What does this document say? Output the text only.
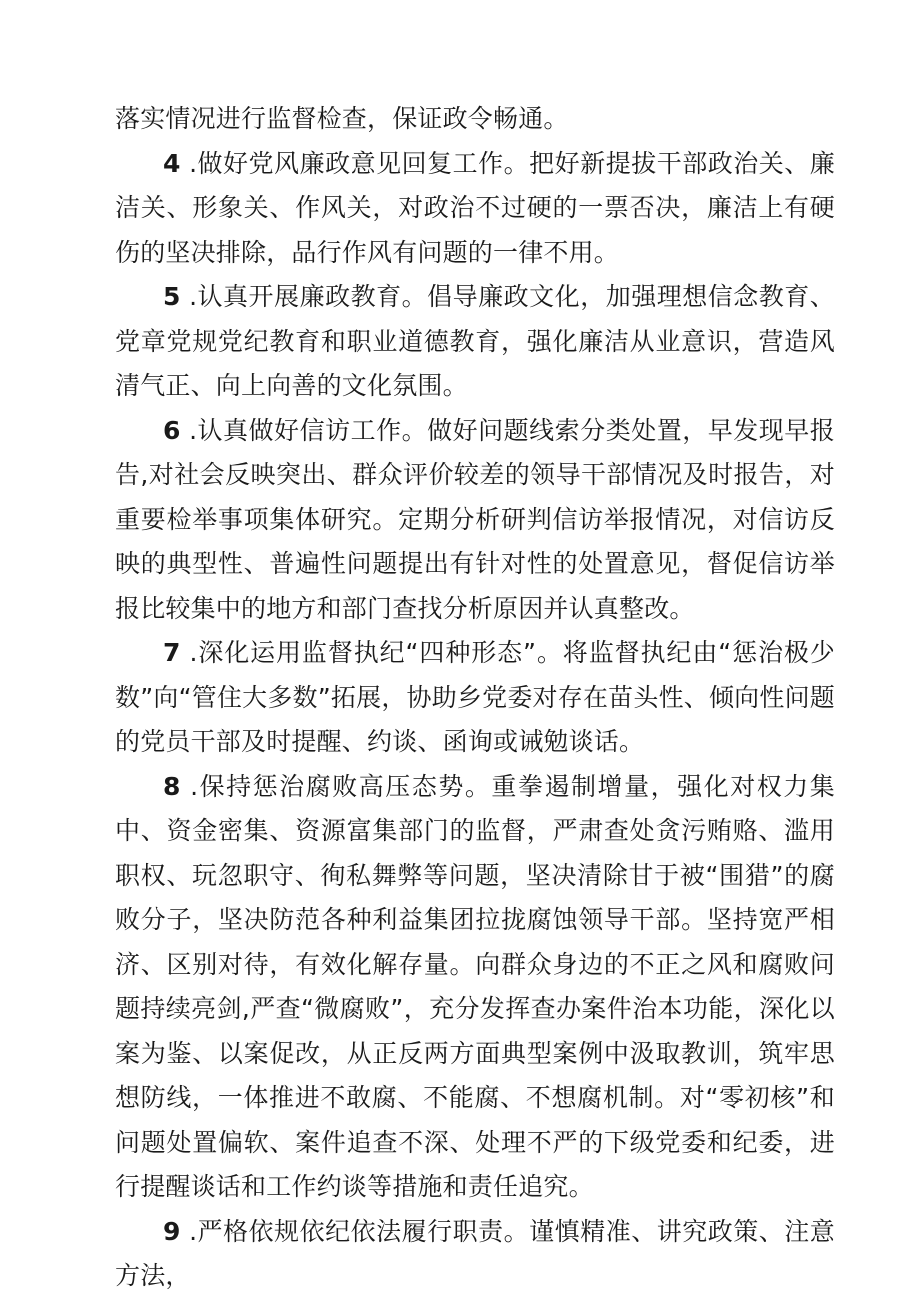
落实情况进行监督检查，保证政令畅通。

4 .做好党风廉政意见回复工作。把好新提拔干部政治关、廉洁关、形象关、作风关，对政治不过硬的一票否决，廉洁上有硬伤的坚决排除，品行作风有问题的一律不用。

5 .认真开展廉政教育。倡导廉政文化，加强理想信念教育、党章党规党纪教育和职业道德教育，强化廉洁从业意识，营造风清气正、向上向善的文化氛围。

6 .认真做好信访工作。做好问题线索分类处置，早发现早报告,对社会反映突出、群众评价较差的领导干部情况及时报告，对重要检举事项集体研究。定期分析研判信访举报情况，对信访反映的典型性、普遍性问题提出有针对性的处置意见，督促信访举报比较集中的地方和部门查找分析原因并认真整改。

7 .深化运用监督执纪“四种形态”。将监督执纪由“惩治极少数”向“管住大多数”拓展，协助乡党委对存在苗头性、倾向性问题的党员干部及时提醒、约谈、函询或诫勉谈话。

8 .保持惩治腐败高压态势。重拳遏制增量，强化对权力集中、资金密集、资源富集部门的监督，严肃查处贪污贿赂、滥用职权、玩忽职守、徇私舞弊等问题，坚决清除甘于被“围猎”的腐败分子，坚决防范各种利益集团拉拢腐蚀领导干部。坚持宽严相济、区别对待，有效化解存量。向群众身边的不正之风和腐败问题持续亮剑,严查“微腐败”，充分发挥查办案件治本功能，深化以案为鉴、以案促改，从正反两方面典型案例中汲取教训，筑牢思想防线，一体推进不敢腐、不能腐、不想腐机制。对“零初核”和问题处置偏软、案件追查不深、处理不严的下级党委和纪委，进行提醒谈话和工作约谈等措施和责任追究。

9 .严格依规依纪依法履行职责。谨慎精准、讲究政策、注意方法，
